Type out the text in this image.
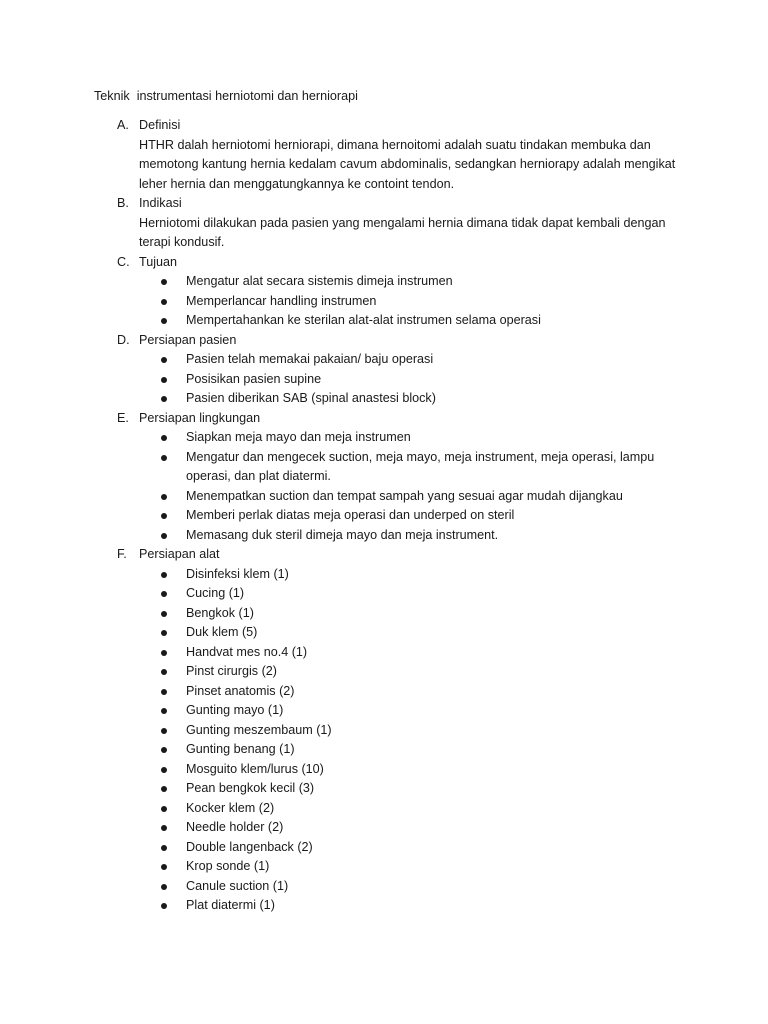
Teknik  instrumentasi herniotomi dan herniorapi
A. Definisi
HTHR dalah herniotomi herniorapi, dimana hernoitomi adalah suatu tindakan membuka dan memotong kantung hernia kedalam cavum abdominalis, sedangkan herniorapy adalah mengikat leher hernia dan menggatungkannya ke contoint tendon.
B. Indikasi
Herniotomi dilakukan pada pasien yang mengalami hernia dimana tidak dapat kembali dengan terapi kondusif.
C. Tujuan
Mengatur alat secara sistemis dimeja instrumen
Memperlancar handling instrumen
Mempertahankan ke sterilan alat-alat instrumen selama operasi
D. Persiapan pasien
Pasien telah memakai pakaian/ baju operasi
Posisikan pasien supine
Pasien diberikan SAB (spinal anastesi block)
E. Persiapan lingkungan
Siapkan meja mayo dan meja instrumen
Mengatur dan mengecek suction, meja mayo, meja instrument, meja operasi, lampu operasi, dan plat diatermi.
Menempatkan suction dan tempat sampah yang sesuai agar mudah dijangkau
Memberi perlak diatas meja operasi dan underped on steril
Memasang duk steril dimeja mayo dan meja instrument.
F. Persiapan alat
Disinfeksi klem (1)
Cucing (1)
Bengkok (1)
Duk klem (5)
Handvat mes no.4 (1)
Pinst cirurgis (2)
Pinset anatomis (2)
Gunting mayo (1)
Gunting meszembaum (1)
Gunting benang (1)
Mosguito klem/lurus (10)
Pean bengkok kecil (3)
Kocker klem (2)
Needle holder (2)
Double langenback (2)
Krop sonde (1)
Canule suction (1)
Plat diatermi (1)
